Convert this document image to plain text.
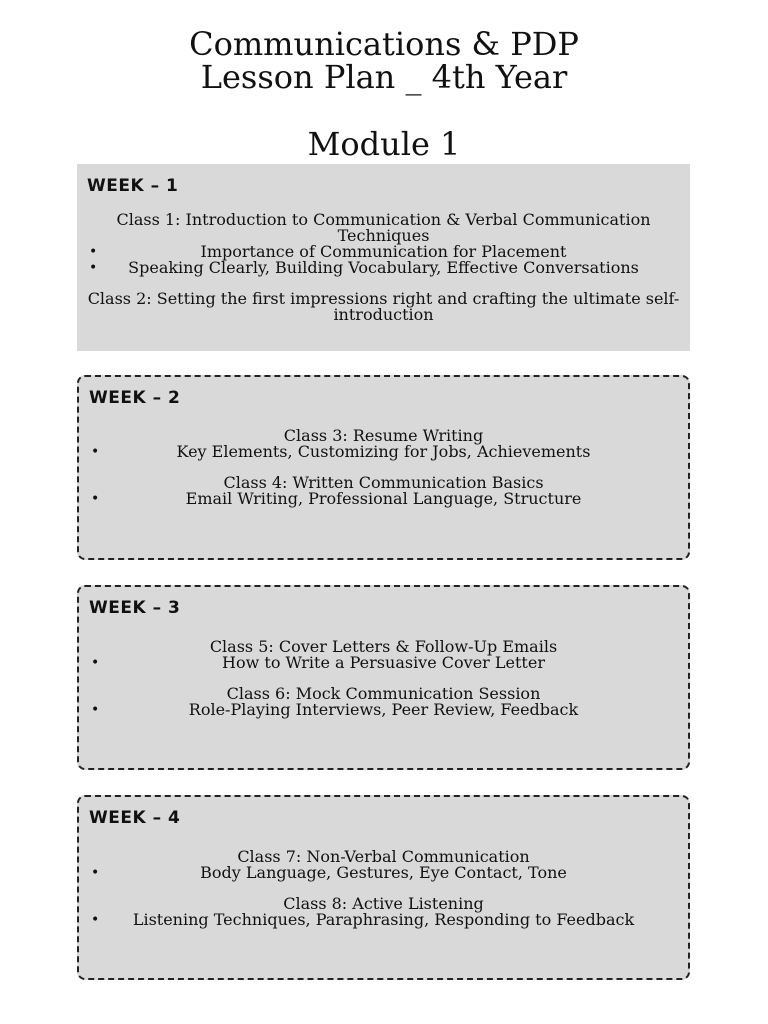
Communications & PDP
Lesson Plan _ 4th Year
Module 1
WEEK – 1

Class 1: Introduction to Communication & Verbal Communication Techniques

•	Importance of Communication for Placement

• Speaking Clearly, Building Vocabulary, Effective Conversations

Class 2: Setting the first impressions right and crafting the ultimate self-introduction

WEEK – 2

Class 3: Resume Writing

•	Key Elements, Customizing for Jobs, Achievements

Class 4: Written Communication Basics

•	Email Writing, Professional Language, Structure

WEEK – 3

Class 5: Cover Letters & Follow-Up Emails

•	How to Write a Persuasive Cover Letter

Class 6: Mock Communication Session

•	Role-Playing Interviews, Peer Review, Feedback

WEEK – 4

Class 7: Non-Verbal Communication

•	Body Language, Gestures, Eye Contact, Tone

Class 8: Active Listening

• Listening Techniques, Paraphrasing, Responding to Feedback
